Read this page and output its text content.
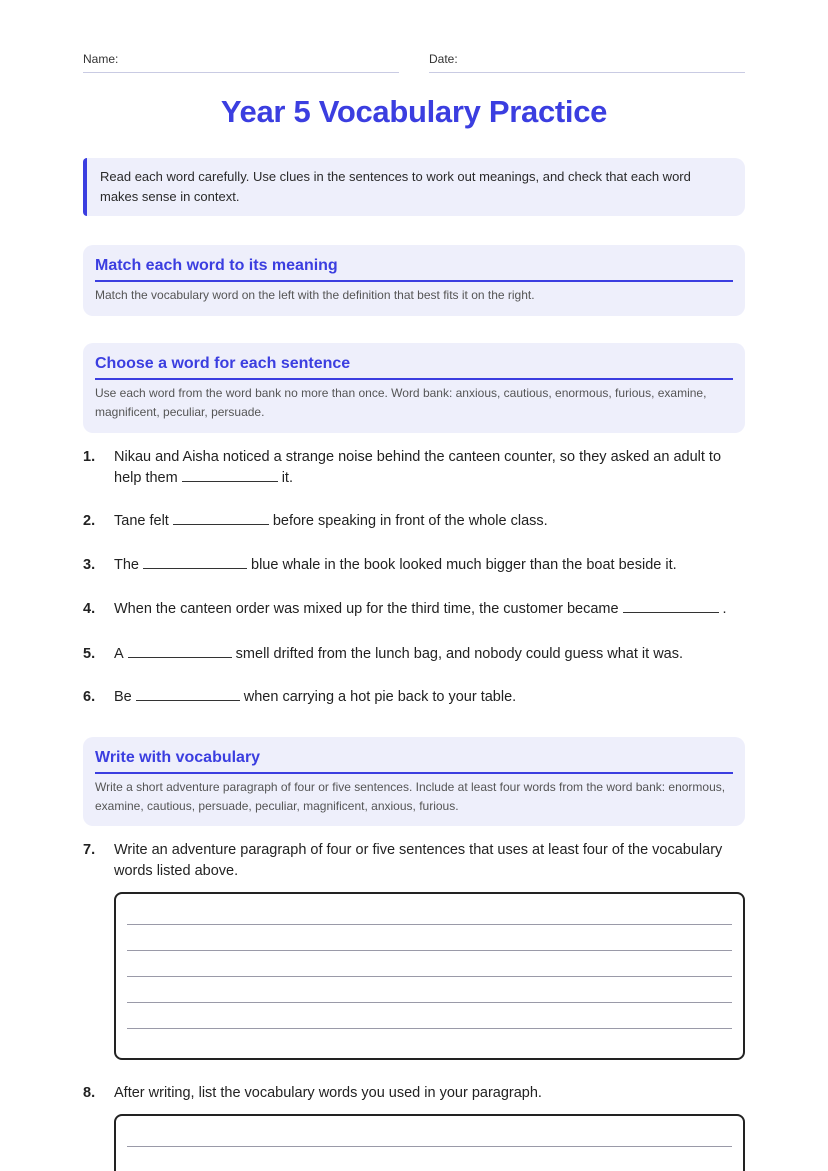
Name:	Date:
Year 5 Vocabulary Practice
Read each word carefully. Use clues in the sentences to work out meanings, and check that each word makes sense in context.
Match each word to its meaning

Match the vocabulary word on the left with the definition that best fits it on the right.

Choose a word for each sentence

Use each word from the word bank no more than once. Word bank: anxious, cautious, enormous, furious, examine, magnificent, peculiar, persuade.

1. Nikau and Aisha noticed a strange noise behind the canteen counter, so they asked an adult to help them	it.
2. Tane felt	before speaking in front of the whole class.
3. The	blue whale in the book looked much bigger than the boat beside it.
4. When the canteen order was mixed up for the third time, the customer became	.
5. A	smell drifted from the lunch bag, and nobody could guess what it was.
6. Be	when carrying a hot pie back to your table.
Write with vocabulary

Write a short adventure paragraph of four or five sentences. Include at least four words from the word bank: enormous, examine, cautious, persuade, peculiar, magnificent, anxious, furious.

7. Write an adventure paragraph of four or five sentences that uses at least four of the vocabulary words listed above.
8. After writing, list the vocabulary words you used in your paragraph.
